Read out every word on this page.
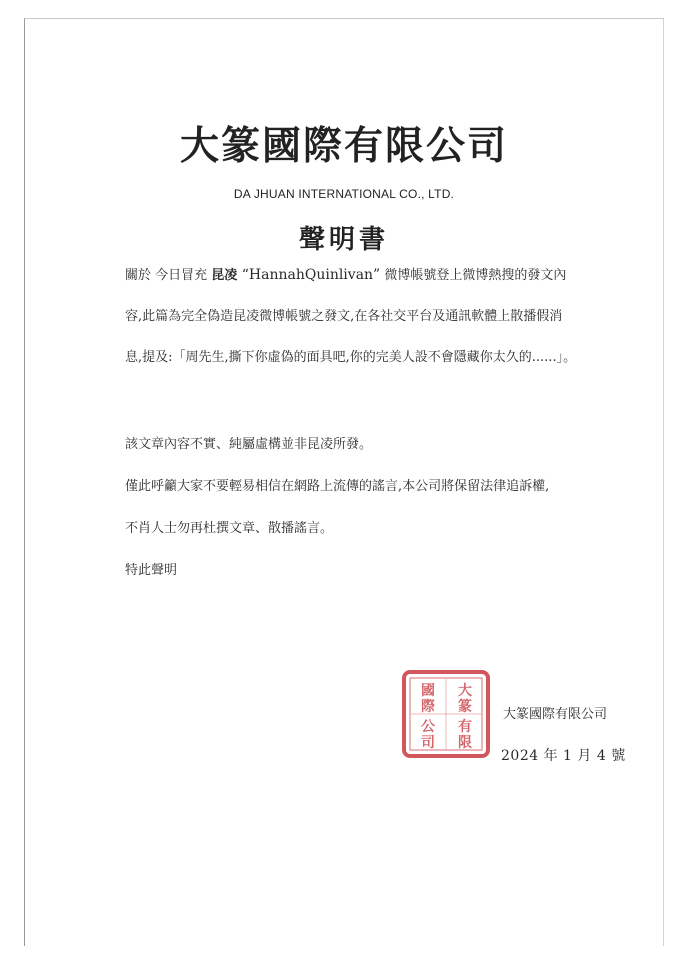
大篆國際有限公司
DA JHUAN INTERNATIONAL CO., LTD.
聲明書
關於 今日冒充 昆凌 “HannahQuinlivan” 微博帳號登上微博熱搜的發文內
容,此篇為完全偽造昆凌微博帳號之發文,在各社交平台及通訊軟體上散播假消
息,提及:「周先生,撕下你虛偽的面具吧,你的完美人設不會隱藏你太久的......」。
該文章內容不實、純屬虛構並非昆凌所發。
僅此呼籲大家不要輕易相信在網路上流傳的謠言,本公司將保留法律追訴權,
不肖人士勿再杜撰文章、散播謠言。
特此聲明
大
篆
國
際
有
限
公
司
大篆國際有限公司
2024 年 1 月 4 號
